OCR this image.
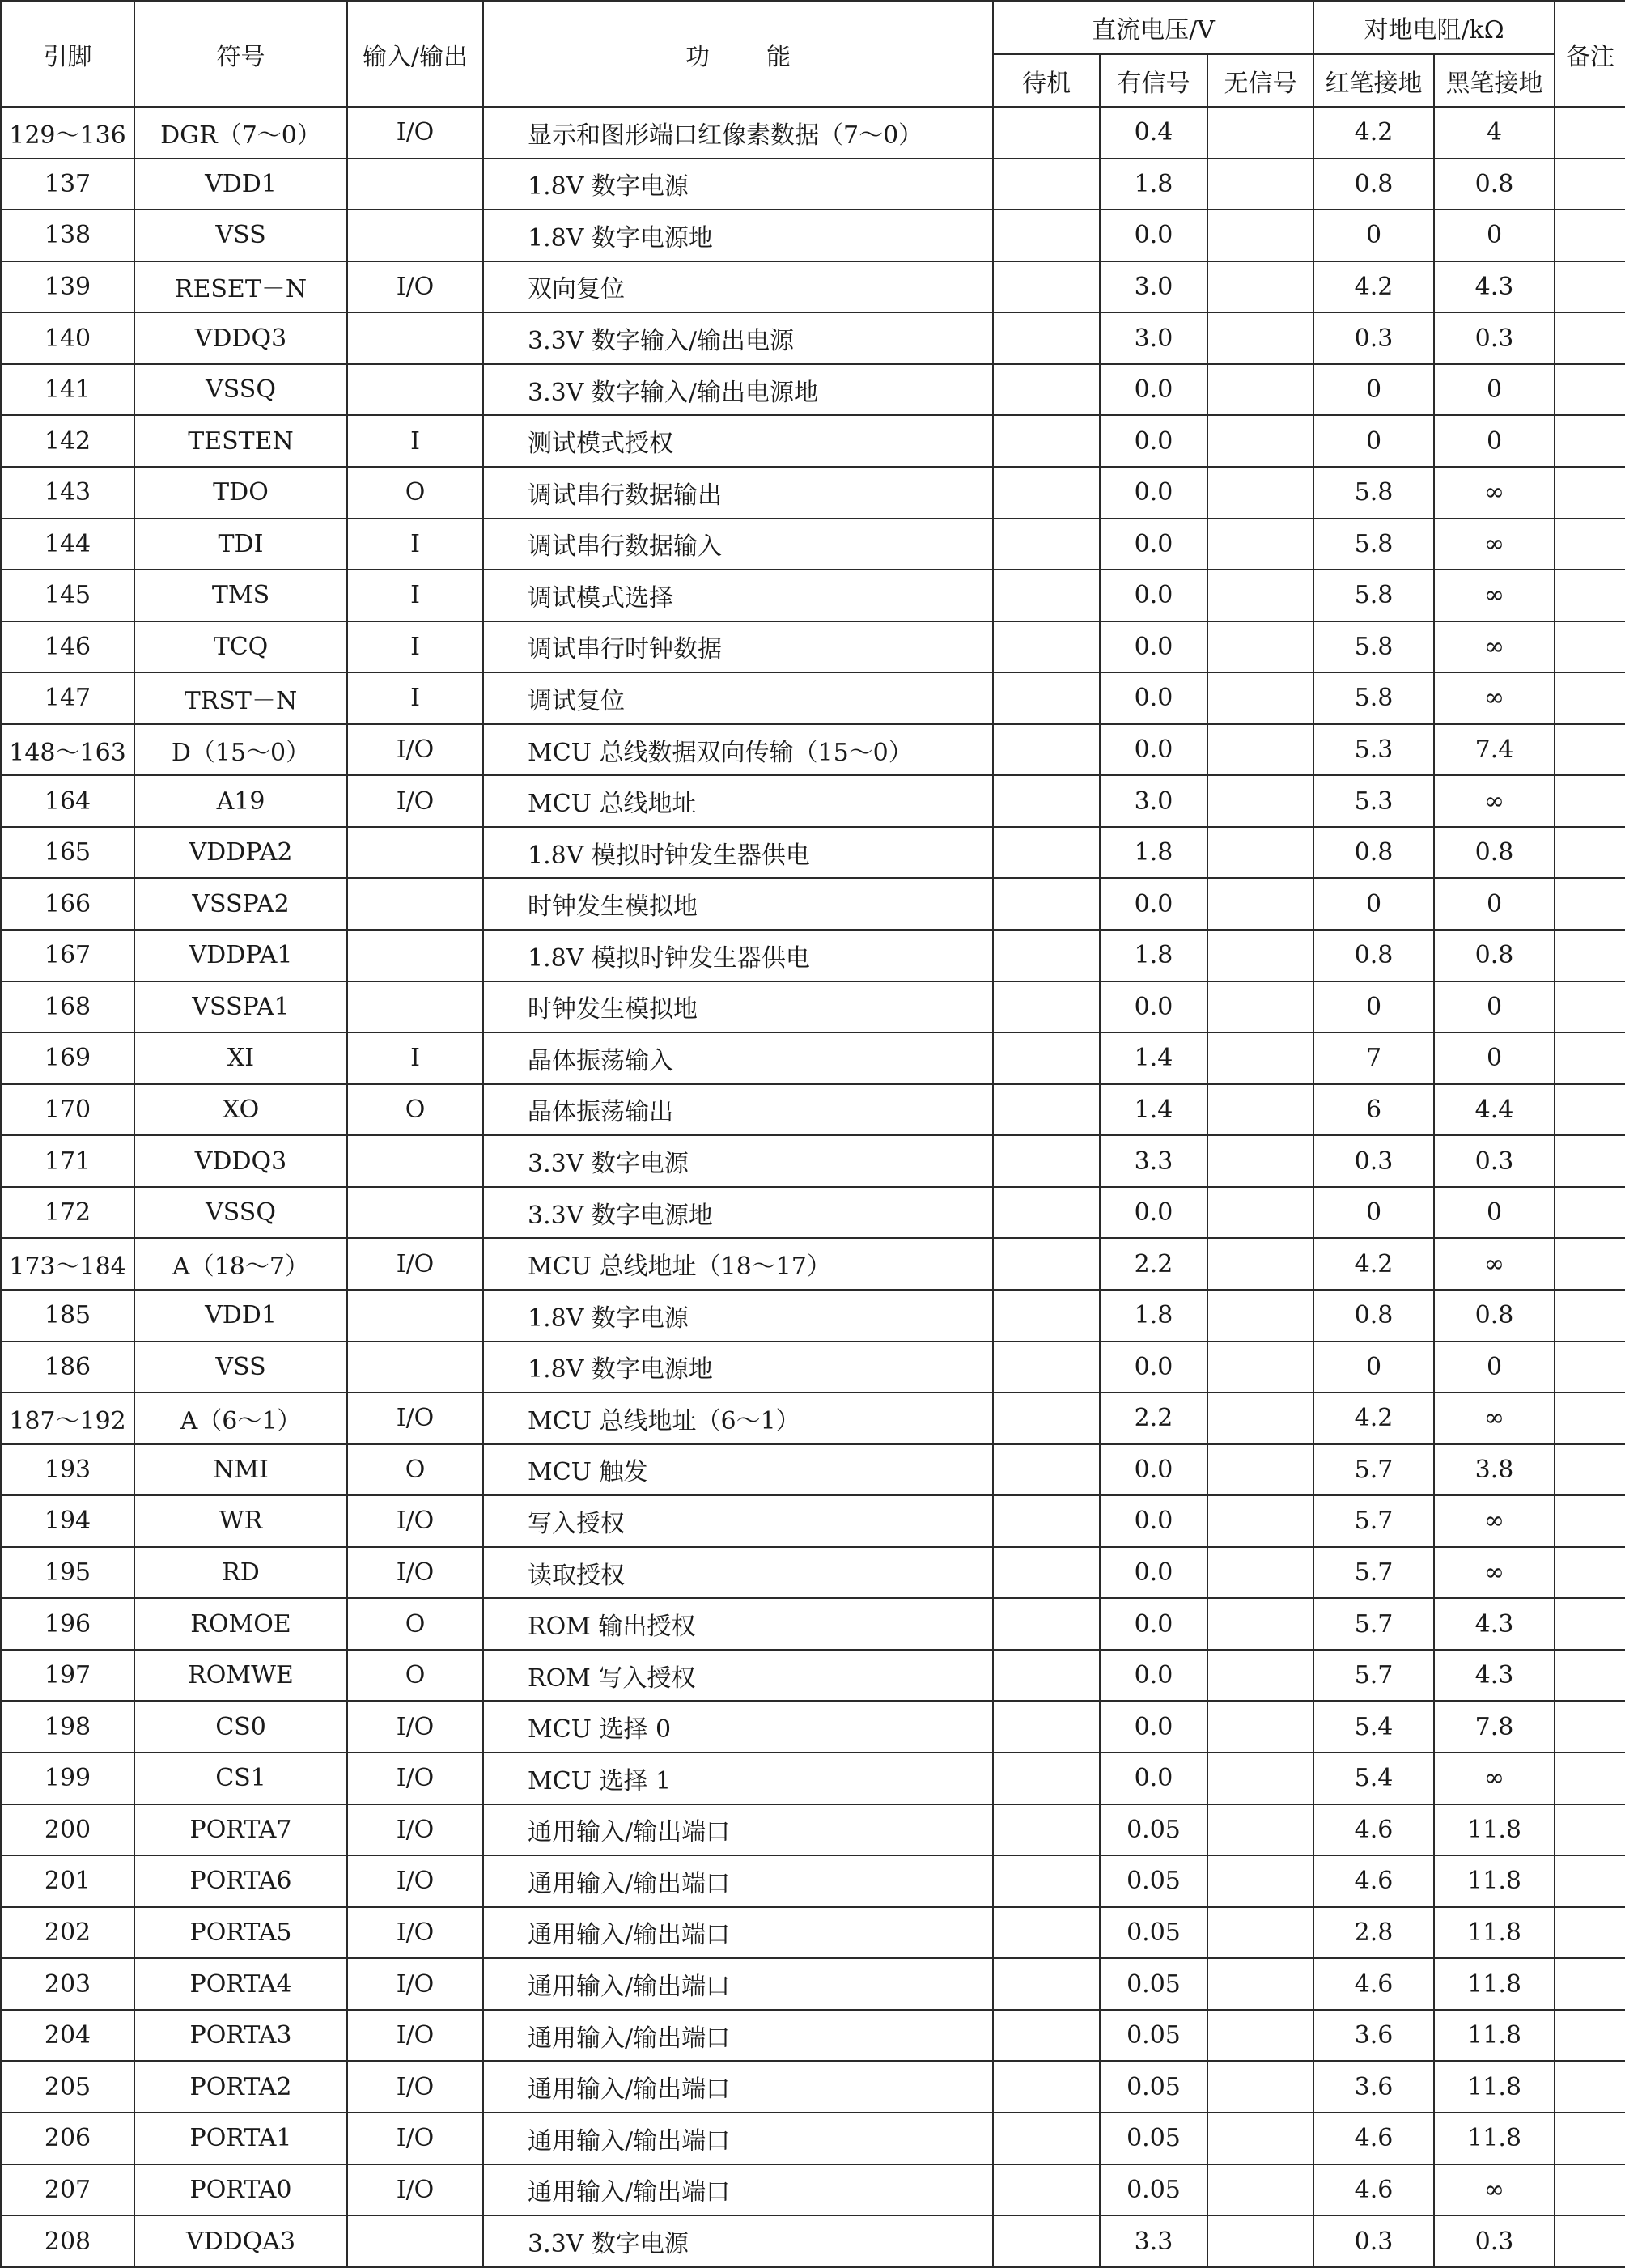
引脚	符号	输入/输出	功 能	直流电压/V			对地电阻/kΩ		备注
				待机	有信号	无信号	红笔接地	黑笔接地	
129～136	DGR（7～0）	I/O	显示和图形端口红像素数据（7～0）		0.4		4.2	4	
137	VDD1		1.8V 数字电源		1.8		0.8	0.8	
138	VSS		1.8V 数字电源地		0.0		0	0	
139	RESET－N	I/O	双向复位		3.0		4.2	4.3	
140	VDDQ3		3.3V 数字输入/输出电源		3.0		0.3	0.3	
141	VSSQ		3.3V 数字输入/输出电源地		0.0		0	0	
142	TESTEN	I	测试模式授权		0.0		0	0	
143	TDO	O	调试串行数据输出		0.0		5.8	∞	
144	TDI	I	调试串行数据输入		0.0		5.8	∞	
145	TMS	I	调试模式选择		0.0		5.8	∞	
146	TCQ	I	调试串行时钟数据		0.0		5.8	∞	
147	TRST－N	I	调试复位		0.0		5.8	∞	
148～163	D（15～0）	I/O	MCU 总线数据双向传输（15～0）		0.0		5.3	7.4	
164	A19	I/O	MCU 总线地址		3.0		5.3	∞	
165	VDDPA2		1.8V 模拟时钟发生器供电		1.8		0.8	0.8	
166	VSSPA2		时钟发生模拟地		0.0		0	0	
167	VDDPA1		1.8V 模拟时钟发生器供电		1.8		0.8	0.8	
168	VSSPA1		时钟发生模拟地		0.0		0	0	
169	XI	I	晶体振荡输入		1.4		7	0	
170	XO	O	晶体振荡输出		1.4		6	4.4	
171	VDDQ3		3.3V 数字电源		3.3		0.3	0.3	
172	VSSQ		3.3V 数字电源地		0.0		0	0	
173～184	A（18～7）	I/O	MCU 总线地址（18～17）		2.2		4.2	∞	
185	VDD1		1.8V 数字电源		1.8		0.8	0.8	
186	VSS		1.8V 数字电源地		0.0		0	0	
187～192	A（6～1）	I/O	MCU 总线地址（6～1）		2.2		4.2	∞	
193	NMI	O	MCU 触发		0.0		5.7	3.8	
194	WR	I/O	写入授权		0.0		5.7	∞	
195	RD	I/O	读取授权		0.0		5.7	∞	
196	ROMOE	O	ROM 输出授权		0.0		5.7	4.3	
197	ROMWE	O	ROM 写入授权		0.0		5.7	4.3	
198	CS0	I/O	MCU 选择 0		0.0		5.4	7.8	
199	CS1	I/O	MCU 选择 1		0.0		5.4	∞	
200	PORTA7	I/O	通用输入/输出端口		0.05		4.6	11.8	
201	PORTA6	I/O	通用输入/输出端口		0.05		4.6	11.8	
202	PORTA5	I/O	通用输入/输出端口		0.05		2.8	11.8	
203	PORTA4	I/O	通用输入/输出端口		0.05		4.6	11.8	
204	PORTA3	I/O	通用输入/输出端口		0.05		3.6	11.8	
205	PORTA2	I/O	通用输入/输出端口		0.05		3.6	11.8	
206	PORTA1	I/O	通用输入/输出端口		0.05		4.6	11.8	
207	PORTA0	I/O	通用输入/输出端口		0.05		4.6	∞	
208	VDDQA3		3.3V 数字电源		3.3		0.3	0.3	
